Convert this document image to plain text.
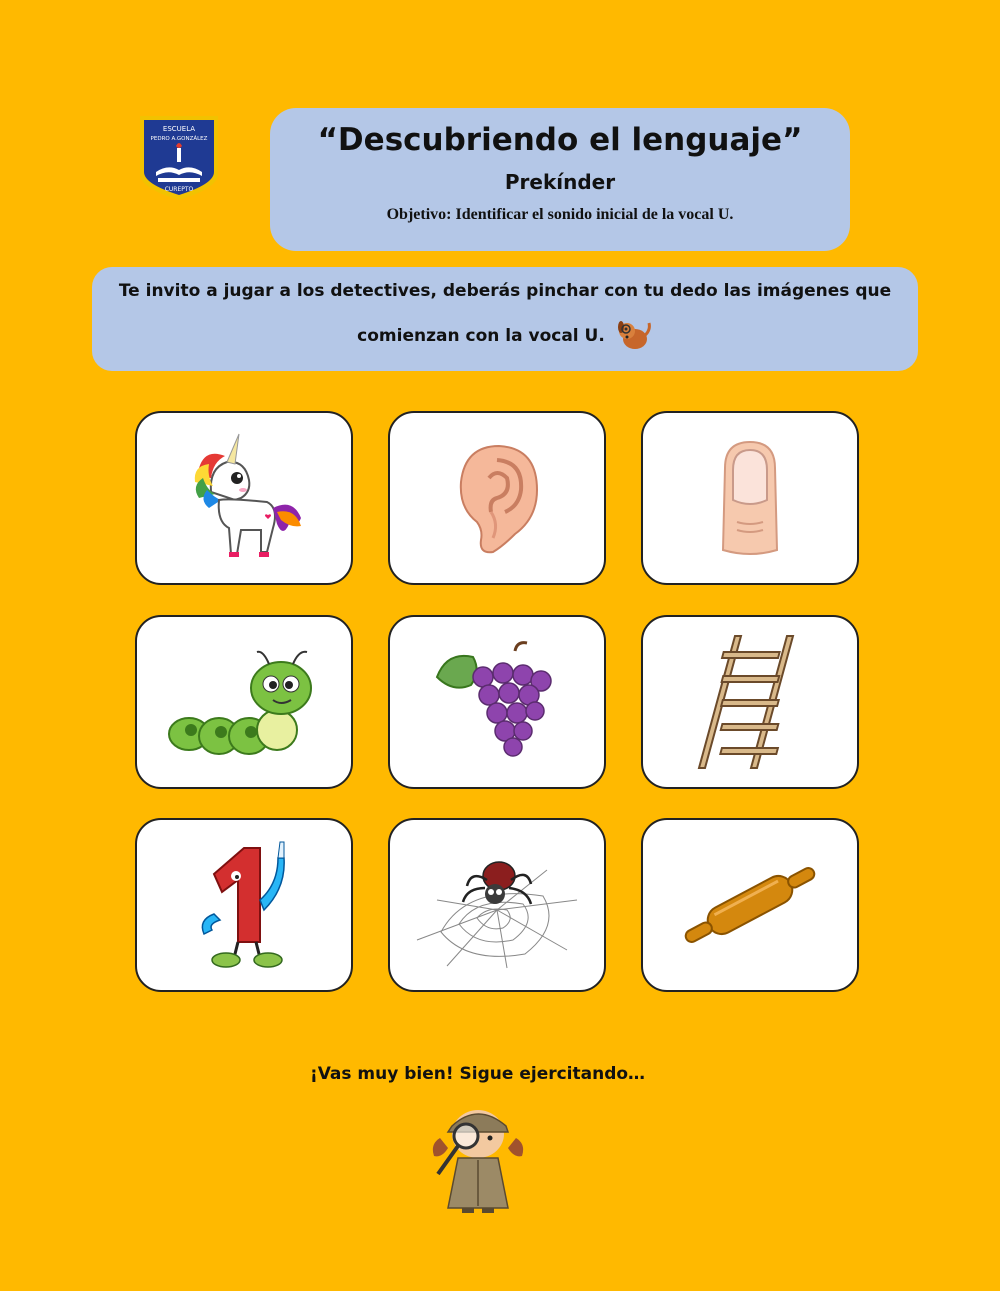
ESCUELA
PEDRO A.GONZÁLEZ
CUREPTO
“Descubriendo el lenguaje”
Prekínder
Objetivo: Identificar el sonido inicial de la vocal U.
Te invito a jugar a los detectives, deberás pinchar con tu dedo las imágenes que
comienzan con la vocal U.
¡Vas muy bien! Sigue ejercitando…
